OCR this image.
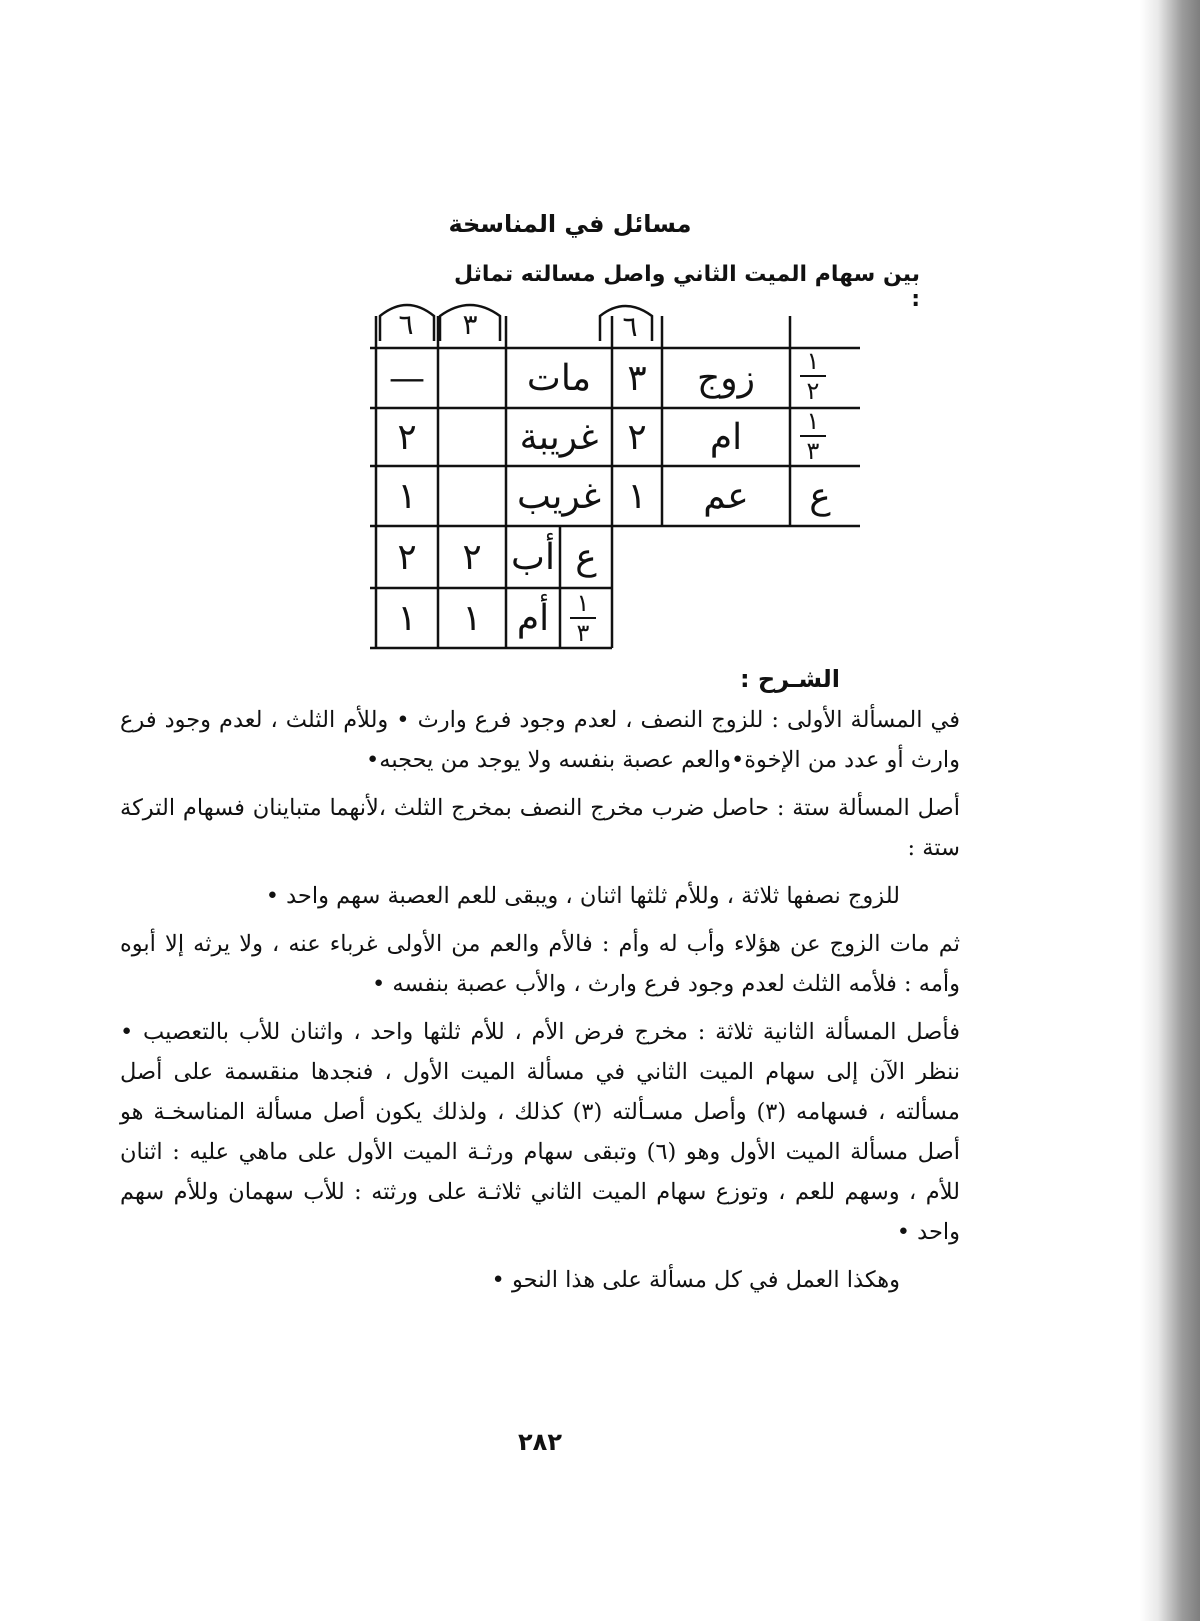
مسائل في المناسخة
بين سهام الميت الثاني واصل مسالته تماثل :
٦	٣	٦
١
٢
زوج
٣
مات
—
١
٣
ام
٢
غريبة
٢
ع
عم
١
غريب
١
ع
أب
٢
٢
١
٣
أم
١
١
الشـرح :

في المسألة الأولى : للزوج النصف ، لعدم وجود فرع وارث • وللأم الثلث ، لعدم وجود فرع وارث أو عدد من الإخوة•والعم عصبة بنفسه ولا يوجد من يحجبه•

أصل المسألة ستة : حاصل ضرب مخرج النصف بمخرج الثلث ،لأنهما متباينان فسهام التركة ستة :

للزوج نصفها ثلاثة ، وللأم ثلثها اثنان ، ويبقى للعم العصبة سهم واحد •

ثم مات الزوج عن هؤلاء وأب له وأم : فالأم والعم من الأولى غرباء عنه ، ولا يرثه إلا أبوه وأمه : فلأمه الثلث لعدم وجود فرع وارث ، والأب عصبة بنفسه •

فأصل المسألة الثانية ثلاثة : مخرج فرض الأم ، للأم ثلثها واحد ، واثنان للأب بالتعصيب • ننظر الآن إلى سهام الميت الثاني في مسألة الميت الأول ، فنجدها منقسمة على أصل مسألته ، فسهامه (٣) وأصل مسـألته (٣) كذلك ، ولذلك يكون أصل مسألة المناسخـة هو أصل مسألة الميت الأول وهو (٦) وتبقى سهام ورثـة الميت الأول على ماهي عليه : اثنان للأم ، وسهم للعم ، وتوزع سهام الميت الثاني ثلاثـة على ورثته : للأب سهمان وللأم سهم واحد •

وهكذا العمل في كل مسألة على هذا النحو •

٢٨٢
